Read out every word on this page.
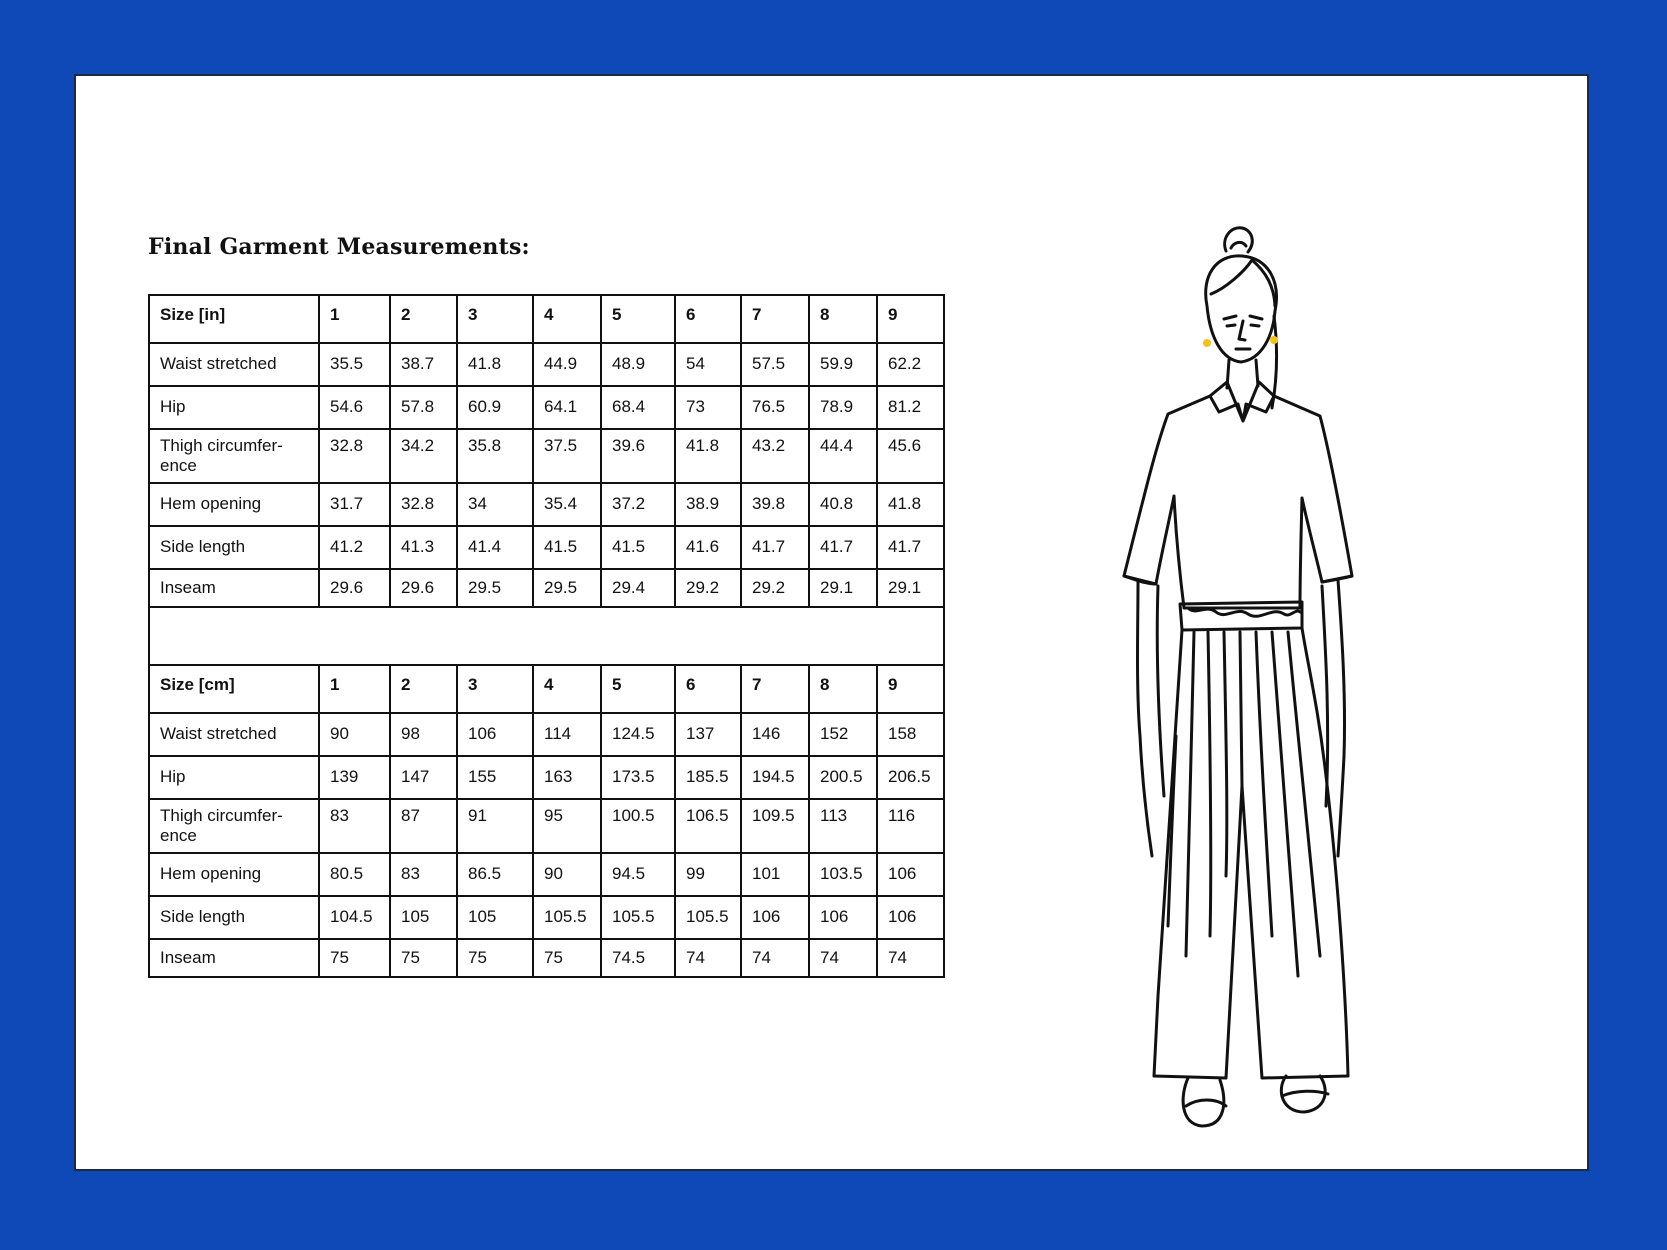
Final Garment Measurements:
Size [in]	1	2	3	4	5	6	7	8	9
Waist stretched	35.5	38.7	41.8	44.9	48.9	54	57.5	59.9	62.2
Hip	54.6	57.8	60.9	64.1	68.4	73	76.5	78.9	81.2
Thigh circumfer-​ence	32.8	34.2	35.8	37.5	39.6	41.8	43.2	44.4	45.6
Hem opening	31.7	32.8	34	35.4	37.2	38.9	39.8	40.8	41.8
Side length	41.2	41.3	41.4	41.5	41.5	41.6	41.7	41.7	41.7
Inseam	29.6	29.6	29.5	29.5	29.4	29.2	29.2	29.1	29.1

Size [cm]	1	2	3	4	5	6	7	8	9
Waist stretched	90	98	106	114	124.5	137	146	152	158
Hip	139	147	155	163	173.5	185.5	194.5	200.5	206.5
Thigh circumfer-​ence	83	87	91	95	100.5	106.5	109.5	113	116
Hem opening	80.5	83	86.5	90	94.5	99	101	103.5	106
Side length	104.5	105	105	105.5	105.5	105.5	106	106	106
Inseam	75	75	75	75	74.5	74	74	74	74
